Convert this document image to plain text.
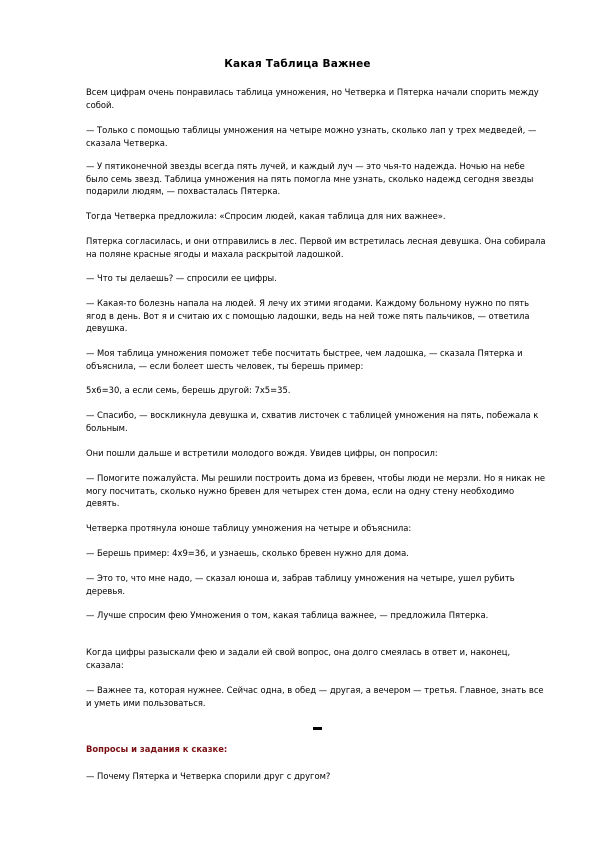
Какая Таблица Важнее

Всем цифрам очень понравилась таблица умножения, но Четверка и Пятерка начали спорить между собой.

— Только с помощью таблицы умножения на четыре можно узнать, сколько лап у трех медведей, — сказала Четверка.

— У пятиконечной звезды всегда пять лучей, и каждый луч — это чья-то надежда. Ночью на небе было семь звезд. Таблица умножения на пять помогла мне узнать, сколько надежд сегодня звезды подарили людям, — похвасталась Пятерка.

Тогда Четверка предложила: «Спросим людей, какая таблица для них важнее».

Пятерка согласилась, и они отправились в лес. Первой им встретилась лесная девушка. Она собирала на поляне красные ягоды и махала раскрытой ладошкой.

— Что ты делаешь? — спросили ее цифры.

— Какая-то болезнь напала на людей. Я лечу их этими ягодами. Каждому больному нужно по пять ягод в день. Вот я и считаю их с помощью ладошки, ведь на ней тоже пять пальчиков, — ответила девушка.

— Моя таблица умножения поможет тебе посчитать быстрее, чем ладошка, — сказала Пятерка и объяснила, — если болеет шесть человек, ты берешь пример:

5х6=30, а если семь, берешь другой: 7х5=35.

— Спасибо, — воскликнула девушка и, схватив листочек с таблицей умножения на пять, побежала к больным.

Они пошли дальше и встретили молодого вождя. Увидев цифры, он попросил:

— Помогите пожалуйста. Мы решили построить дома из бревен, чтобы люди не мерзли. Но я никак не могу посчитать, сколько нужно бревен для четырех стен дома, если на одну стену необходимо девять.

Четверка протянула юноше таблицу умножения на четыре и объяснила:

— Берешь пример: 4х9=36, и узнаешь, сколько бревен нужно для дома.

— Это то, что мне надо, — сказал юноша и, забрав таблицу умножения на четыре, ушел рубить деревья.

— Лучше спросим фею Умножения о том, какая таблица важнее, — предложила Пятерка.

Когда цифры разыскали фею и задали ей свой вопрос, она долго смеялась в ответ и, наконец, сказала:

— Важнее та, которая нужнее. Сейчас одна, в обед — другая, а вечером — третья. Главное, знать все и уметь ими пользоваться.

Вопросы и задания к сказке:

— Почему Пятерка и Четверка спорили друг с другом?
